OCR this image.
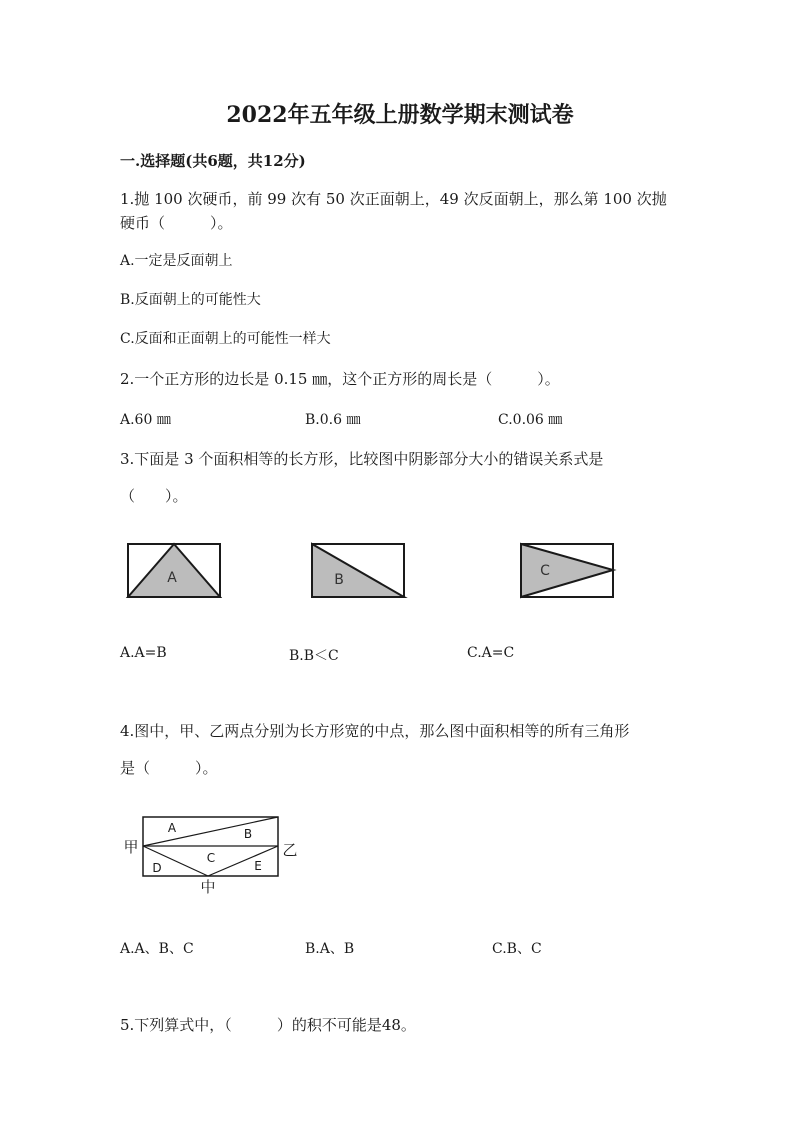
2022年五年级上册数学期末测试卷
一.选择题(共6题，共12分)
1.抛 100 次硬币，前 99 次有 50 次正面朝上，49 次反面朝上，那么第 100 次抛
硬币（　　　）。
A.一定是反面朝上
B.反面朝上的可能性大
C.反面和正面朝上的可能性一样大
2.一个正方形的边长是 0.15 ㎜，这个正方形的周长是（　　　）。
A.60 ㎜	B.0.6 ㎜	C.0.06 ㎜
3.下面是 3 个面积相等的长方形，比较图中阴影部分大小的错误关系式是
（　　）。
A	B
C
A	B
C
D	E
甲	乙
中
A.A=B	B.B＜C	C.A=C
4.图中，甲、乙两点分别为长方形宽的中点，那么图中面积相等的所有三角形
是（　　　）。
A.A、B、C	B.A、B	C.B、C
5.下列算式中，（　　　）的积不可能是48。
